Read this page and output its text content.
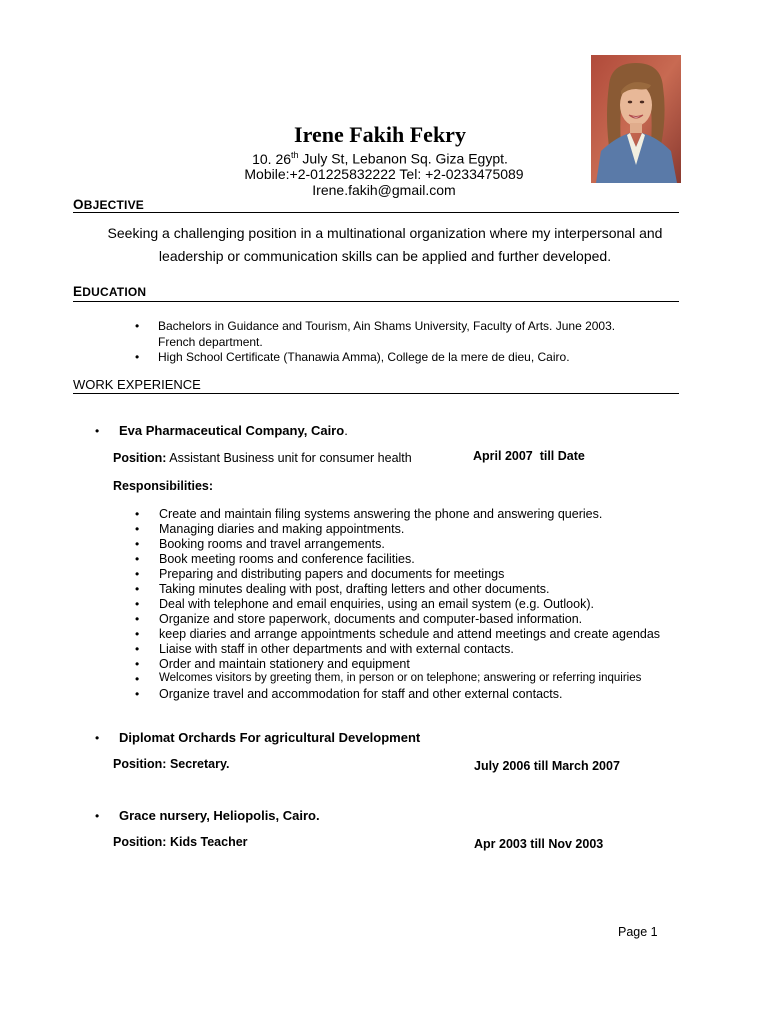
Irene Fakih Fekry
10. 26th July St, Lebanon Sq. Giza Egypt.
Mobile:+2-01225832222 Tel: +2-0233475089
Irene.fakih@gmail.com
OBJECTIVE
Seeking a challenging position in a multinational organization where my interpersonal and
leadership or communication skills can be applied and further developed.
EDUCATION
• Bachelors in Guidance and Tourism, Ain Shams University, Faculty of Arts. June 2003.
French department.
• High School Certificate (Thanawia Amma), College de la mere de dieu, Cairo.
WORK EXPERIENCE
• Eva Pharmaceutical Company, Cairo.
Position: Assistant Business unit for consumer health	April 2007  till Date
Responsibilities:
• Create and maintain filing systems answering the phone and answering queries.
• Managing diaries and making appointments.
• Booking rooms and travel arrangements.
• Book meeting rooms and conference facilities.
• Preparing and distributing papers and documents for meetings
• Taking minutes dealing with post, drafting letters and other documents.
• Deal with telephone and email enquiries, using an email system (e.g. Outlook).
• Organize and store paperwork, documents and computer-based information.
• keep diaries and arrange appointments schedule and attend meetings and create agendas
• Liaise with staff in other departments and with external contacts.
• Order and maintain stationery and equipment
• Welcomes visitors by greeting them, in person or on telephone; answering or referring inquiries
• Organize travel and accommodation for staff and other external contacts.
• Diplomat Orchards For agricultural Development
Position: Secretary.	July 2006 till March 2007
• Grace nursery, Heliopolis, Cairo.
Position: Kids Teacher	Apr 2003 till Nov 2003
Page 1
